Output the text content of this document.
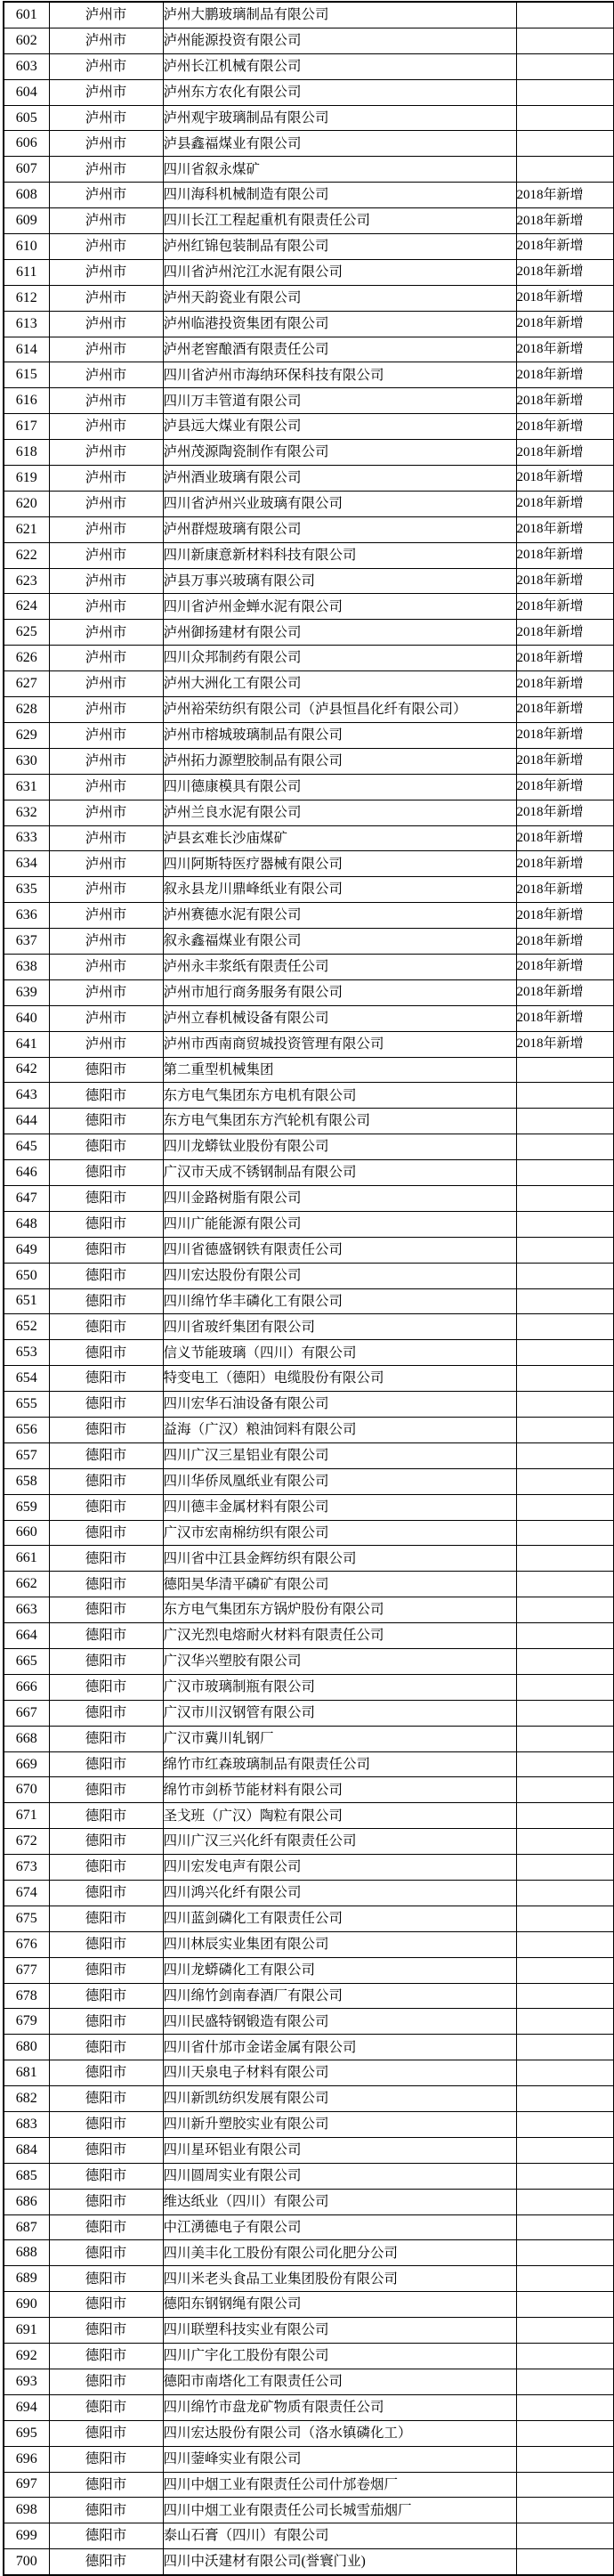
601	泸州市	泸州大鹏玻璃制品有限公司	
602	泸州市	泸州能源投资有限公司	
603	泸州市	泸州长江机械有限公司	
604	泸州市	泸州东方农化有限公司	
605	泸州市	泸州观宇玻璃制品有限公司	
606	泸州市	泸县鑫福煤业有限公司	
607	泸州市	四川省叙永煤矿	
608	泸州市	四川海科机械制造有限公司	2018年新增
609	泸州市	四川长江工程起重机有限责任公司	2018年新增
610	泸州市	泸州红锦包装制品有限公司	2018年新增
611	泸州市	四川省泸州沱江水泥有限公司	2018年新增
612	泸州市	泸州天韵瓷业有限公司	2018年新增
613	泸州市	泸州临港投资集团有限公司	2018年新增
614	泸州市	泸州老窖酿酒有限责任公司	2018年新增
615	泸州市	四川省泸州市海纳环保科技有限公司	2018年新增
616	泸州市	四川万丰管道有限公司	2018年新增
617	泸州市	泸县远大煤业有限公司	2018年新增
618	泸州市	泸州茂源陶瓷制作有限公司	2018年新增
619	泸州市	泸州酒业玻璃有限公司	2018年新增
620	泸州市	四川省泸州兴业玻璃有限公司	2018年新增
621	泸州市	泸州群煜玻璃有限公司	2018年新增
622	泸州市	四川新康意新材料科技有限公司	2018年新增
623	泸州市	泸县万事兴玻璃有限公司	2018年新增
624	泸州市	四川省泸州金蝉水泥有限公司	2018年新增
625	泸州市	泸州御扬建材有限公司	2018年新增
626	泸州市	四川众邦制药有限公司	2018年新增
627	泸州市	泸州大洲化工有限公司	2018年新增
628	泸州市	泸州裕荣纺织有限公司（泸县恒昌化纤有限公司）	2018年新增
629	泸州市	泸州市榕城玻璃制品有限公司	2018年新增
630	泸州市	泸州拓力源塑胶制品有限公司	2018年新增
631	泸州市	四川德康模具有限公司	2018年新增
632	泸州市	泸州兰良水泥有限公司	2018年新增
633	泸州市	泸县玄难长沙庙煤矿	2018年新增
634	泸州市	四川阿斯特医疗器械有限公司	2018年新增
635	泸州市	叙永县龙川鼎峰纸业有限公司	2018年新增
636	泸州市	泸州赛德水泥有限公司	2018年新增
637	泸州市	叙永鑫福煤业有限公司	2018年新增
638	泸州市	泸州永丰浆纸有限责任公司	2018年新增
639	泸州市	泸州市旭行商务服务有限公司	2018年新增
640	泸州市	泸州立春机械设备有限公司	2018年新增
641	泸州市	泸州市西南商贸城投资管理有限公司	2018年新增
642	德阳市	第二重型机械集团	
643	德阳市	东方电气集团东方电机有限公司	
644	德阳市	东方电气集团东方汽轮机有限公司	
645	德阳市	四川龙蟒钛业股份有限公司	
646	德阳市	广汉市天成不锈钢制品有限公司	
647	德阳市	四川金路树脂有限公司	
648	德阳市	四川广能能源有限公司	
649	德阳市	四川省德盛钢铁有限责任公司	
650	德阳市	四川宏达股份有限公司	
651	德阳市	四川绵竹华丰磷化工有限公司	
652	德阳市	四川省玻纤集团有限公司	
653	德阳市	信义节能玻璃（四川）有限公司	
654	德阳市	特变电工（德阳）电缆股份有限公司	
655	德阳市	四川宏华石油设备有限公司	
656	德阳市	益海（广汉）粮油饲料有限公司	
657	德阳市	四川广汉三星铝业有限公司	
658	德阳市	四川华侨凤凰纸业有限公司	
659	德阳市	四川德丰金属材料有限公司	
660	德阳市	广汉市宏南棉纺织有限公司	
661	德阳市	四川省中江县金辉纺织有限公司	
662	德阳市	德阳昊华清平磷矿有限公司	
663	德阳市	东方电气集团东方锅炉股份有限公司	
664	德阳市	广汉光烈电熔耐火材料有限责任公司	
665	德阳市	广汉华兴塑胶有限公司	
666	德阳市	广汉市玻璃制瓶有限公司	
667	德阳市	广汉市川汉钢管有限公司	
668	德阳市	广汉市冀川轧钢厂	
669	德阳市	绵竹市红森玻璃制品有限责任公司	
670	德阳市	绵竹市剑桥节能材料有限公司	
671	德阳市	圣戈班（广汉）陶粒有限公司	
672	德阳市	四川广汉三兴化纤有限责任公司	
673	德阳市	四川宏发电声有限公司	
674	德阳市	四川鸿兴化纤有限公司	
675	德阳市	四川蓝剑磷化工有限责任公司	
676	德阳市	四川林辰实业集团有限公司	
677	德阳市	四川龙蟒磷化工有限公司	
678	德阳市	四川绵竹剑南春酒厂有限公司	
679	德阳市	四川民盛特钢锻造有限公司	
680	德阳市	四川省什邡市金诺金属有限公司	
681	德阳市	四川天泉电子材料有限公司	
682	德阳市	四川新凯纺织发展有限公司	
683	德阳市	四川新升塑胶实业有限公司	
684	德阳市	四川星环铝业有限公司	
685	德阳市	四川圆周实业有限公司	
686	德阳市	维达纸业（四川）有限公司	
687	德阳市	中江湧德电子有限公司	
688	德阳市	四川美丰化工股份有限公司化肥分公司	
689	德阳市	四川米老头食品工业集团股份有限公司	
690	德阳市	德阳东钢钢绳有限公司	
691	德阳市	四川联塑科技实业有限公司	
692	德阳市	四川广宇化工股份有限公司	
693	德阳市	德阳市南塔化工有限责任公司	
694	德阳市	四川绵竹市盘龙矿物质有限责任公司	
695	德阳市	四川宏达股份有限公司（洛水镇磷化工）	
696	德阳市	四川蓥峰实业有限公司	
697	德阳市	四川中烟工业有限责任公司什邡卷烟厂	
698	德阳市	四川中烟工业有限责任公司长城雪茄烟厂	
699	德阳市	泰山石膏（四川）有限公司	
700	德阳市	四川中沃建材有限公司(誉寰门业)	
